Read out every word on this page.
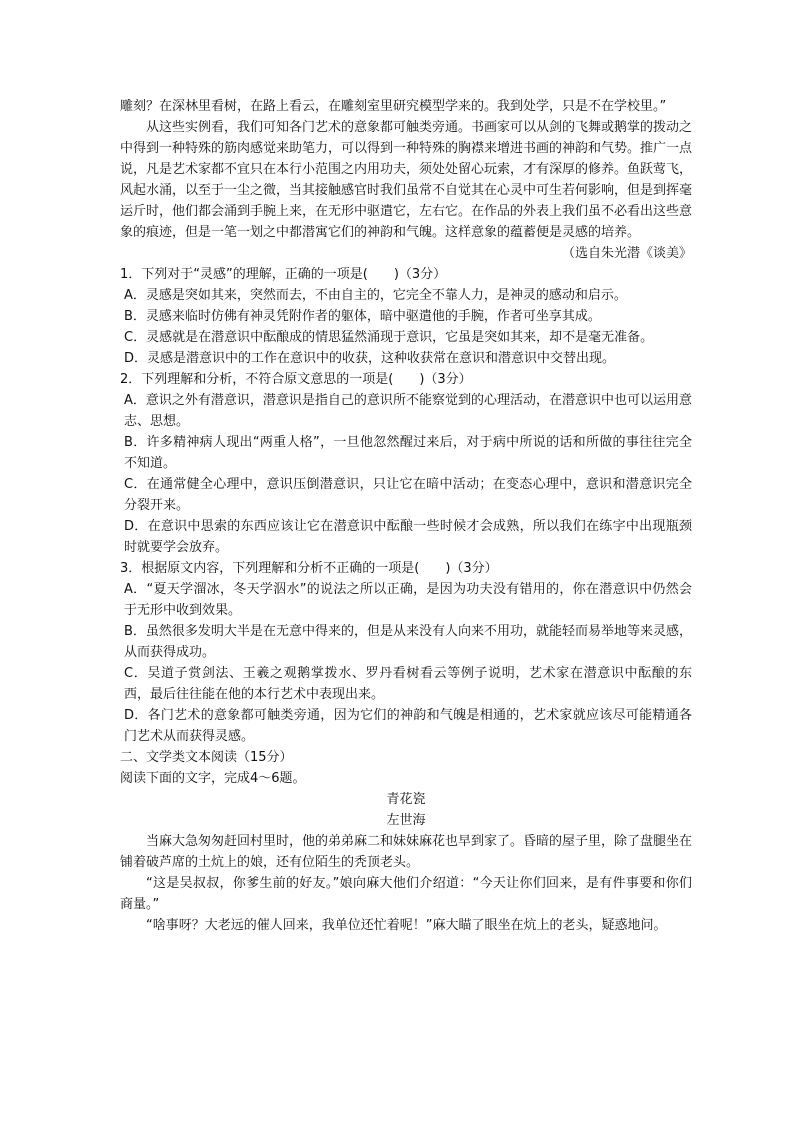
雕刻？在深林里看树，在路上看云，在雕刻室里研究模型学来的。我到处学，只是不在学校里。”

从这些实例看，我们可知各门艺术的意象都可触类旁通。书画家可以从剑的飞舞或鹅掌的拨动之中得到一种特殊的筋肉感觉来助笔力，可以得到一种特殊的胸襟来增进书画的神韵和气势。推广一点说，凡是艺术家都不宜只在本行小范围之内用功夫，须处处留心玩索，才有深厚的修养。鱼跃莺飞，风起水涌，以至于一尘之微，当其接触感官时我们虽常不自觉其在心灵中可生若何影响，但是到挥毫运斤时，他们都会涌到手腕上来，在无形中驱遣它，左右它。在作品的外表上我们虽不必看出这些意象的痕迹，但是一笔一划之中都潜寓它们的神韵和气魄。这样意象的蕴蓄便是灵感的培养。

（选自朱光潜《谈美》

1．下列对于“灵感”的理解，正确的一项是(　　)（3分）

A．灵感是突如其来，突然而去，不由自主的，它完全不靠人力，是神灵的感动和启示。

B．灵感来临时仿佛有神灵凭附作者的躯体，暗中驱遣他的手腕，作者可坐享其成。

C．灵感就是在潜意识中酝酿成的情思猛然涌现于意识，它虽是突如其来，却不是毫无准备。

D．灵感是潜意识中的工作在意识中的收获，这种收获常在意识和潜意识中交替出现。

2．下列理解和分析，不符合原文意思的一项是(　　)（3分）

A．意识之外有潜意识，潜意识是指自己的意识所不能察觉到的心理活动，在潜意识中也可以运用意志、思想。

B．许多精神病人现出“两重人格”，一旦他忽然醒过来后，对于病中所说的话和所做的事往往完全不知道。

C．在通常健全心理中，意识压倒潜意识，只让它在暗中活动；在变态心理中，意识和潜意识完全分裂开来。

D．在意识中思索的东西应该让它在潜意识中酝酿一些时候才会成熟，所以我们在练字中出现瓶颈时就要学会放弃。

3．根据原文内容，下列理解和分析不正确的一项是(　　)（3分）

A．“夏天学溜冰，冬天学泅水”的说法之所以正确，是因为功夫没有错用的，你在潜意识中仍然会于无形中收到效果。

B．虽然很多发明大半是在无意中得来的，但是从来没有人向来不用功，就能轻而易举地等来灵感，从而获得成功。

C．吴道子赏剑法、王羲之观鹅掌拨水、罗丹看树看云等例子说明，艺术家在潜意识中酝酿的东西，最后往往能在他的本行艺术中表现出来。

D．各门艺术的意象都可触类旁通，因为它们的神韵和气魄是相通的，艺术家就应该尽可能精通各门艺术从而获得灵感。

二、文学类文本阅读（15分）

阅读下面的文字，完成4～6题。

青花瓷

左世海

当麻大急匆匆赶回村里时，他的弟弟麻二和妹妹麻花也早到家了。昏暗的屋子里，除了盘腿坐在铺着破芦席的土炕上的娘，还有位陌生的秃顶老头。

“这是吴叔叔，你爹生前的好友。”娘向麻大他们介绍道：“今天让你们回来，是有件事要和你们商量。”

“啥事呀？大老远的催人回来，我单位还忙着呢！”麻大瞄了眼坐在炕上的老头，疑惑地问。
